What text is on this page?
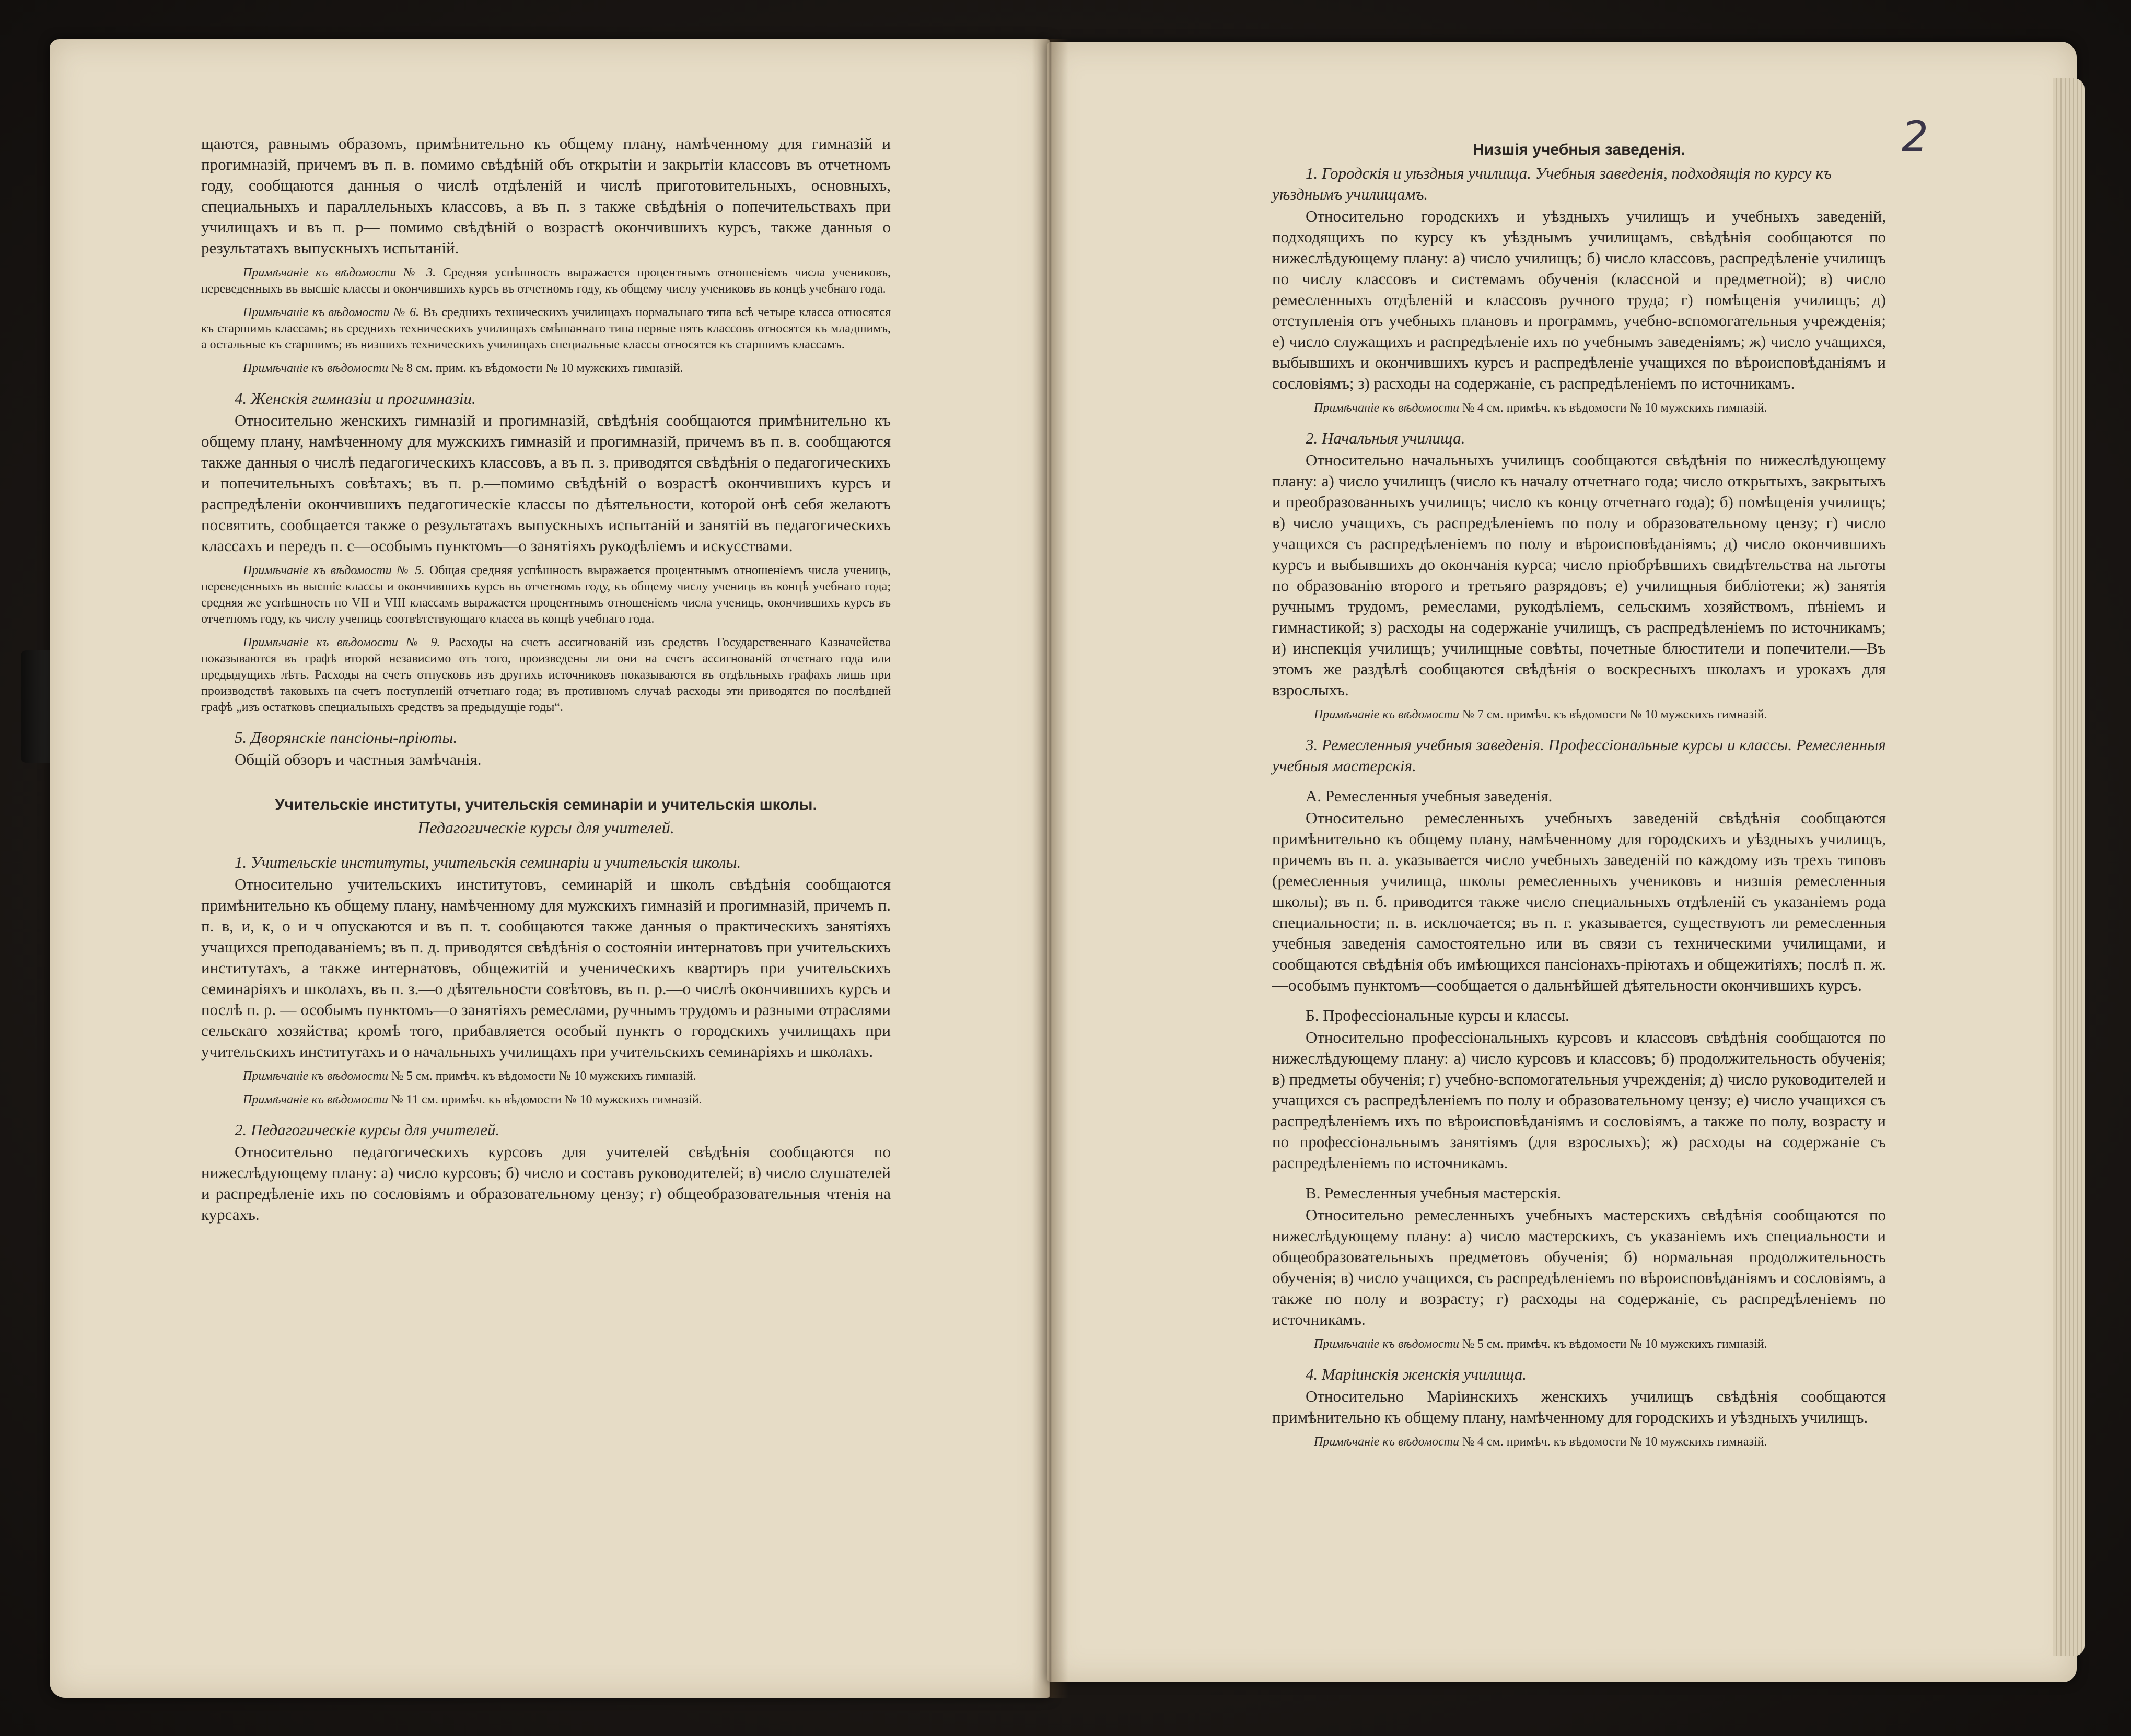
2

щаются, равнымъ образомъ, примѣнительно къ общему плану, намѣченному для гимназій и прогимназій, причемъ въ п. в. помимо свѣдѣній объ открытіи и закрытіи классовъ въ отчетномъ году, сообщаются данныя о числѣ отдѣленій и числѣ приготовительныхъ, основныхъ, специальныхъ и параллельныхъ классовъ, а въ п. з также свѣдѣнія о попечительствахъ при училищахъ и въ п. р— помимо свѣдѣній о возрастѣ окончившихъ курсъ, также данныя о результатахъ выпускныхъ испытаній.

Примѣчаніе къ вѣдомости № 3. Средняя успѣшность выражается процентнымъ отношеніемъ числа учениковъ, переведенныхъ въ высшіе классы и окончившихъ курсъ въ отчетномъ году, къ общему числу учениковъ въ концѣ учебнаго года.

Примѣчаніе къ вѣдомости № 6. Въ среднихъ техническихъ училищахъ нормальнаго типа всѣ четыре класса относятся къ старшимъ классамъ; въ среднихъ техническихъ училищахъ смѣшаннаго типа первые пять классовъ относятся къ младшимъ, а остальные къ старшимъ; въ низшихъ техническихъ училищахъ специальные классы относятся къ старшимъ классамъ.

Примѣчаніе къ вѣдомости № 8 см. прим. къ вѣдомости № 10 мужскихъ гимназій.

4. Женскія гимназіи и прогимназіи.

Относительно женскихъ гимназій и прогимназій, свѣдѣнія сообщаются примѣнительно къ общему плану, намѣченному для мужскихъ гимназій и прогимназій, причемъ въ п. в. сообщаются также данныя о числѣ педагогическихъ классовъ, а въ п. з. приводятся свѣдѣнія о педагогическихъ и попечительныхъ совѣтахъ; въ п. р.—помимо свѣдѣній о возрастѣ окончившихъ курсъ и распредѣленіи окончившихъ педагогическіе классы по дѣятельности, которой онѣ себя желаютъ посвятить, сообщается также о результатахъ выпускныхъ испытаній и занятій въ педагогическихъ классахъ и передъ п. с—особымъ пунктомъ—о занятіяхъ рукодѣліемъ и искусствами.

Примѣчаніе къ вѣдомости № 5. Общая средняя успѣшность выражается процентнымъ отношеніемъ числа учениць, переведенныхъ въ высшіе классы и окончившихъ курсъ въ отчетномъ году, къ общему числу учениць въ концѣ учебнаго года; средняя же успѣшность по VII и VIII классамъ выражается процентнымъ отношеніемъ числа учениць, окончившихъ курсъ въ отчетномъ году, къ числу учениць соотвѣтствующаго класса въ концѣ учебнаго года.

Примѣчаніе къ вѣдомости № 9. Расходы на счетъ ассигнованій изъ средствъ Государственнаго Казначейства показываются въ графѣ второй независимо отъ того, произведены ли они на счетъ ассигнованій отчетнаго года или предыдущихъ лѣтъ. Расходы на счетъ отпусковъ изъ другихъ источниковъ показываются въ отдѣльныхъ графахъ лишь при производствѣ таковыхъ на счетъ поступленій отчетнаго года; въ противномъ случаѣ расходы эти приводятся по послѣдней графѣ „изъ остатковъ специальныхъ средствъ за предыдущіе годы“.

5. Дворянскіе пансіоны-пріюты.

Общій обзоръ и частныя замѣчанія.

Учительскіе институты, учительскія семинаріи и учительскія школы.
Педагогическіе курсы для учителей.

1. Учительскіе институты, учительскія семинаріи и учительскія школы.

Относительно учительскихъ институтовъ, семинарій и школъ свѣдѣнія сообщаются примѣнительно къ общему плану, намѣченному для мужскихъ гимназій и прогимназій, причемъ п. п. в, и, к, о и ч опускаются и въ п. т. сообщаются также данныя о практическихъ занятіяхъ учащихся преподаваніемъ; въ п. д. приводятся свѣдѣнія о состояніи интернатовъ при учительскихъ институтахъ, а также интернатовъ, общежитій и ученическихъ квартиръ при учительскихъ семинаріяхъ и школахъ, въ п. з.—о дѣятельности совѣтовъ, въ п. р.—о числѣ окончившихъ курсъ и послѣ п. р. — особымъ пунктомъ—о занятіяхъ ремеслами, ручнымъ трудомъ и разными отраслями сельскаго хозяйства; кромѣ того, прибавляется особый пунктъ о городскихъ училищахъ при учительскихъ институтахъ и о начальныхъ училищахъ при учительскихъ семинаріяхъ и школахъ.

Примѣчаніе къ вѣдомости № 5 см. примѣч. къ вѣдомости № 10 мужскихъ гимназій.

Примѣчаніе къ вѣдомости № 11 см. примѣч. къ вѣдомости № 10 мужскихъ гимназій.

2. Педагогическіе курсы для учителей.

Относительно педагогическихъ курсовъ для учителей свѣдѣнія сообщаются по нижеслѣдующему плану: а) число курсовъ; б) число и составъ руководителей; в) число слушателей и распредѣленіе ихъ по сословіямъ и образовательному цензу; г) общеобразовательныя чтенія на курсахъ.

Низшія учебныя заведенія.

1. Городскія и уѣздныя училища. Учебныя заведенія, подходящія по курсу къ уѣзднымъ училищамъ.

Относительно городскихъ и уѣздныхъ училищъ и учебныхъ заведеній, подходящихъ по курсу къ уѣзднымъ училищамъ, свѣдѣнія сообщаются по нижеслѣдующему плану: а) число училищъ; б) число классовъ, распредѣленіе училищъ по числу классовъ и системамъ обученія (классной и предметной); в) число ремесленныхъ отдѣленій и классовъ ручного труда; г) помѣщенія училищъ; д) отступленія отъ учебныхъ плановъ и программъ, учебно-вспомогательныя учрежденія; е) число служащихъ и распредѣленіе ихъ по учебнымъ заведеніямъ; ж) число учащихся, выбывшихъ и окончившихъ курсъ и распредѣленіе учащихся по вѣроисповѣданіямъ и сословіямъ; з) расходы на содержаніе, съ распредѣленіемъ по источникамъ.

Примѣчаніе къ вѣдомости № 4 см. примѣч. къ вѣдомости № 10 мужскихъ гимназій.

2. Начальныя училища.

Относительно начальныхъ училищъ сообщаются свѣдѣнія по нижеслѣдующему плану: а) число училищъ (число къ началу отчетнаго года; число открытыхъ, закрытыхъ и преобразованныхъ училищъ; число къ концу отчетнаго года); б) помѣщенія училищъ; в) число учащихъ, съ распредѣленіемъ по полу и образовательному цензу; г) число учащихся съ распредѣленіемъ по полу и вѣроисповѣданіямъ; д) число окончившихъ курсъ и выбывшихъ до окончанія курса; число пріобрѣвшихъ свидѣтельства на льготы по образованію второго и третьяго разрядовъ; е) училищныя библіотеки; ж) занятія ручнымъ трудомъ, ремеслами, рукодѣліемъ, сельскимъ хозяйствомъ, пѣніемъ и гимнастикой; з) расходы на содержаніе училищъ, съ распредѣленіемъ по источникамъ; и) инспекція училищъ; училищные совѣты, почетные блюстители и попечители.—Въ этомъ же раздѣлѣ сообщаются свѣдѣнія о воскресныхъ школахъ и урокахъ для взрослыхъ.

Примѣчаніе къ вѣдомости № 7 см. примѣч. къ вѣдомости № 10 мужскихъ гимназій.

3. Ремесленныя учебныя заведенія. Профессіональные курсы и классы. Ремесленныя учебныя мастерскія.

А. Ремесленныя учебныя заведенія.

Относительно ремесленныхъ учебныхъ заведеній свѣдѣнія сообщаются примѣнительно къ общему плану, намѣченному для городскихъ и уѣздныхъ училищъ, причемъ въ п. а. указывается число учебныхъ заведеній по каждому изъ трехъ типовъ (ремесленныя училища, школы ремесленныхъ учениковъ и низшія ремесленныя школы); въ п. б. приводится также число специальныхъ отдѣленій съ указаніемъ рода специальности; п. в. исключается; въ п. г. указывается, существуютъ ли ремесленныя учебныя заведенія самостоятельно или въ связи съ техническими училищами, и сообщаются свѣдѣнія объ имѣющихся пансіонахъ-пріютахъ и общежитіяхъ; послѣ п. ж.—особымъ пунктомъ—сообщается о дальнѣйшей дѣятельности окончившихъ курсъ.

Б. Профессіональные курсы и классы.

Относительно профессіональныхъ курсовъ и классовъ свѣдѣнія сообщаются по нижеслѣдующему плану: а) число курсовъ и классовъ; б) продолжительность обученія; в) предметы обученія; г) учебно-вспомогательныя учрежденія; д) число руководителей и учащихся съ распредѣленіемъ по полу и образовательному цензу; е) число учащихся съ распредѣленіемъ ихъ по вѣроисповѣданіямъ и сословіямъ, а также по полу, возрасту и по профессіональнымъ занятіямъ (для взрослыхъ); ж) расходы на содержаніе съ распредѣленіемъ по источникамъ.

В. Ремесленныя учебныя мастерскія.

Относительно ремесленныхъ учебныхъ мастерскихъ свѣдѣнія сообщаются по нижеслѣдующему плану: а) число мастерскихъ, съ указаніемъ ихъ специальности и общеобразовательныхъ предметовъ обученія; б) нормальная продолжительность обученія; в) число учащихся, съ распредѣленіемъ по вѣроисповѣданіямъ и сословіямъ, а также по полу и возрасту; г) расходы на содержаніе, съ распредѣленіемъ по источникамъ.

Примѣчаніе къ вѣдомости № 5 см. примѣч. къ вѣдомости № 10 мужскихъ гимназій.

4. Маріинскія женскія училища.

Относительно Маріинскихъ женскихъ училищъ свѣдѣнія сообщаются примѣнительно къ общему плану, намѣченному для городскихъ и уѣздныхъ училищъ.

Примѣчаніе къ вѣдомости № 4 см. примѣч. къ вѣдомости № 10 мужскихъ гимназій.
